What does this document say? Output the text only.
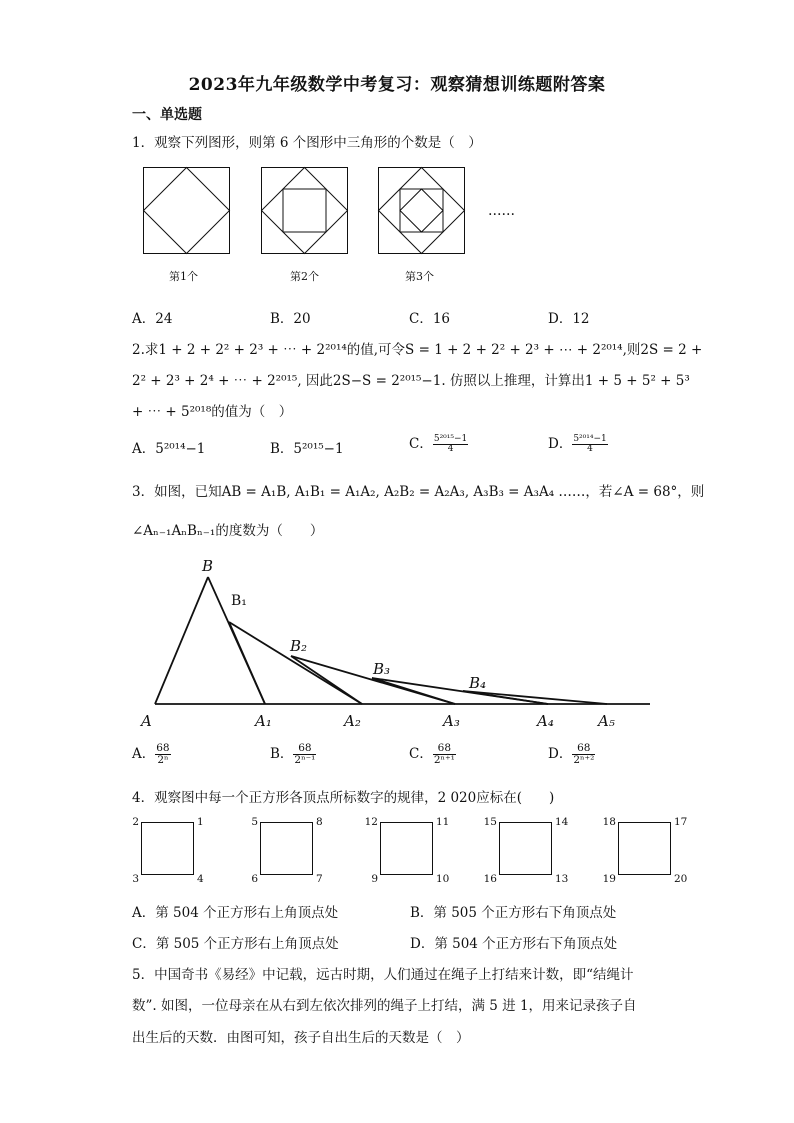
2023年九年级数学中考复习：观察猜想训练题附答案
一、单选题
1．观察下列图形，则第 6 个图形中三角形的个数是（　）
……
第1个	第2个	第3个
A．24	B．20	C．16	D．12
2.求1 + 2 + 2² + 2³ + ⋯ + 2²⁰¹⁴的值,可令S = 1 + 2 + 2² + 2³ + ⋯ + 2²⁰¹⁴,则2S = 2 +
2² + 2³ + 2⁴ + ⋯ + 2²⁰¹⁵, 因此2S−S = 2²⁰¹⁵−1. 仿照以上推理，计算出1 + 5 + 5² + 5³
+ ⋯ + 5²⁰¹⁸的值为（　）
A．5²⁰¹⁴−1	B．5²⁰¹⁵−1	C． $\frac{\text{5²⁰¹⁵−1}}{4}$	D． $\frac{\text{5²⁰¹⁴−1}}{4}$
3．如图，已知AB = A₁B, A₁B₁ = A₁A₂, A₂B₂ = A₂A₃, A₃B₃ = A₃A₄ ……，若∠A = 68°，则
∠Aₙ₋₁AₙBₙ₋₁的度数为（　　）
B
B₁
B₂
B₃
B₄
A	A₁	A₂	A₃	A₄	A₅
A． $\frac{68}{\text{2ⁿ}}$	B． $\frac{68}{\text{2ⁿ⁻¹}}$	C． $\frac{68}{\text{2ⁿ⁺¹}}$	D． $\frac{68}{\text{2ⁿ⁺²}}$
4．观察图中每一个正方形各顶点所标数字的规律，2 020应标在(　　)
2	1
3	4
5	8
6	7
12	11
9	10
15	14
16	13
18	17
19	20
A．第 504 个正方形右上角顶点处	B．第 505 个正方形右下角顶点处
C．第 505 个正方形右上角顶点处	D．第 504 个正方形右下角顶点处
5．中国奇书《易经》中记载，远古时期，人们通过在绳子上打结来计数，即“结绳计
数”. 如图，一位母亲在从右到左依次排列的绳子上打结，满 5 进 1，用来记录孩子自
出生后的天数．由图可知，孩子自出生后的天数是（　）
